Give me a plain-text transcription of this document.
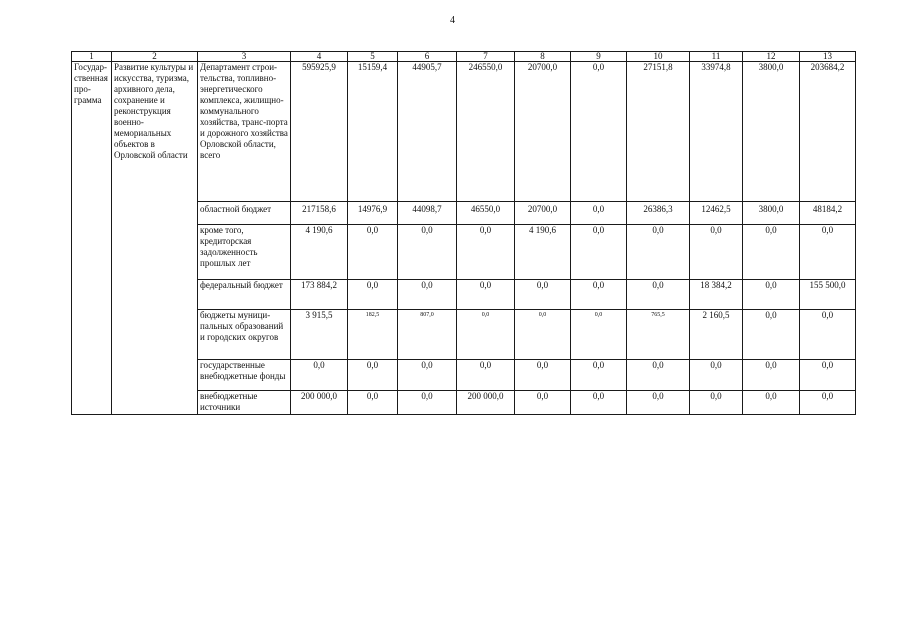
4
1	2	3	4	5	6	7	8	9	10	11	12	13
Государ-ственная про-грамма	Развитие культуры и искусства, туризма, архивного дела, сохранение и реконструкция военно-мемориальных объектов в Орловской области	Департамент строи-тельства, топливно-энергетического комплекса, жилищно-коммунального хозяйства, транс-порта и дорожного хозяйства Орловской области, всего	595925,9	15159,4	44905,7	246550,0	20700,0	0,0	27151,8	33974,8	3800,0	203684,2
		областной бюджет	217158,6	14976,9	44098,7	46550,0	20700,0	0,0	26386,3	12462,5	3800,0	48184,2
		кроме того, кредиторская задолженность прошлых лет	4 190,6	0,0	0,0	0,0	4 190,6	0,0	0,0	0,0	0,0	0,0
		федеральный бюджет	173 884,2	0,0	0,0	0,0	0,0	0,0	0,0	18 384,2	0,0	155 500,0
		бюджеты муници-пальных образований и городских округов	3 915,5	182,5	807,0	0,0	0,0	0,0	765,5	2 160,5	0,0	0,0
		государственные внебюджетные фонды	0,0	0,0	0,0	0,0	0,0	0,0	0,0	0,0	0,0	0,0
		внебюджетные источники	200 000,0	0,0	0,0	200 000,0	0,0	0,0	0,0	0,0	0,0	0,0
